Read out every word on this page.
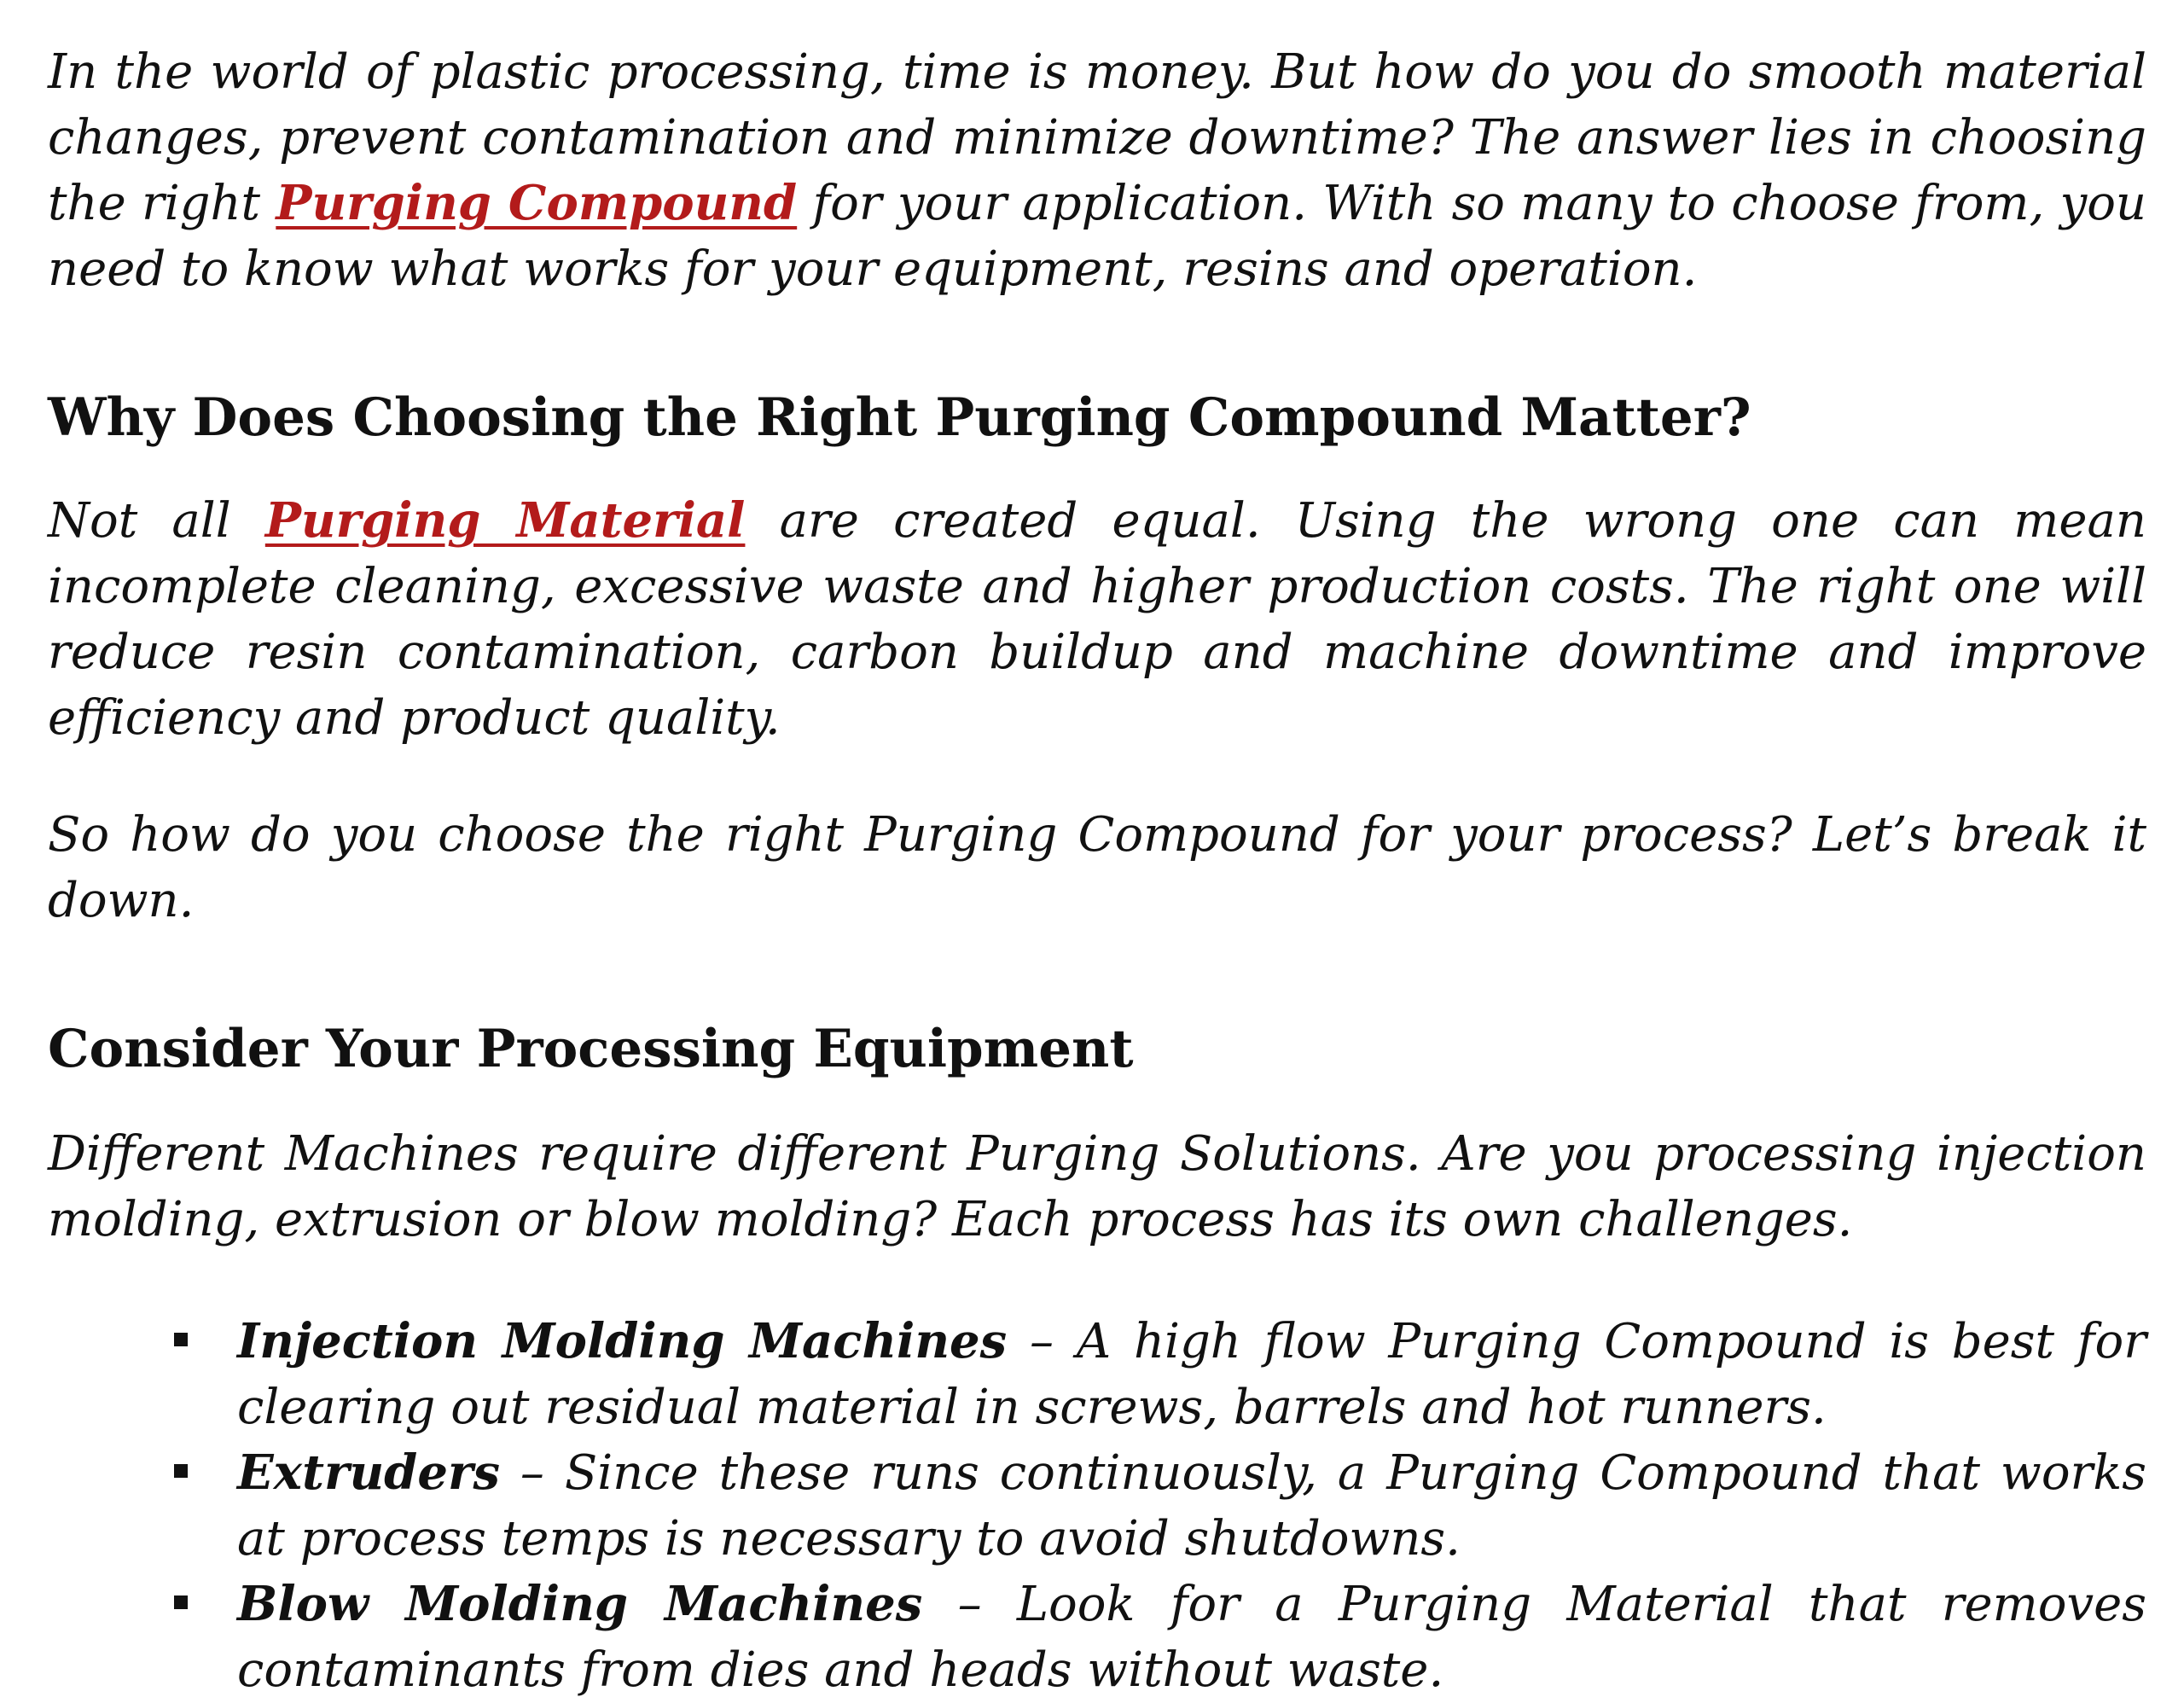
In the world of plastic processing, time is money. But how do you do smooth material changes, prevent contamination and minimize downtime? The answer lies in choosing the right Purging Compound for your application. With so many to choose from, you need to know what works for your equipment, resins and operation.

Why Does Choosing the Right Purging Compound Matter?

Not all Purging Material are created equal. Using the wrong one can mean incomplete cleaning, excessive waste and higher production costs. The right one will reduce resin contamination, carbon buildup and machine downtime and improve efficiency and product quality.

So how do you choose the right Purging Compound for your process? Let’s break it down.

Consider Your Processing Equipment

Different Machines require different Purging Solutions. Are you processing injection molding, extrusion or blow molding? Each process has its own challenges.

Injection Molding Machines – A high flow Purging Compound is best for clearing out residual material in screws, barrels and hot runners.
Extruders – Since these runs continuously, a Purging Compound that works at process temps is necessary to avoid shutdowns.
Blow Molding Machines – Look for a Purging Material that removes contaminants from dies and heads without waste.
